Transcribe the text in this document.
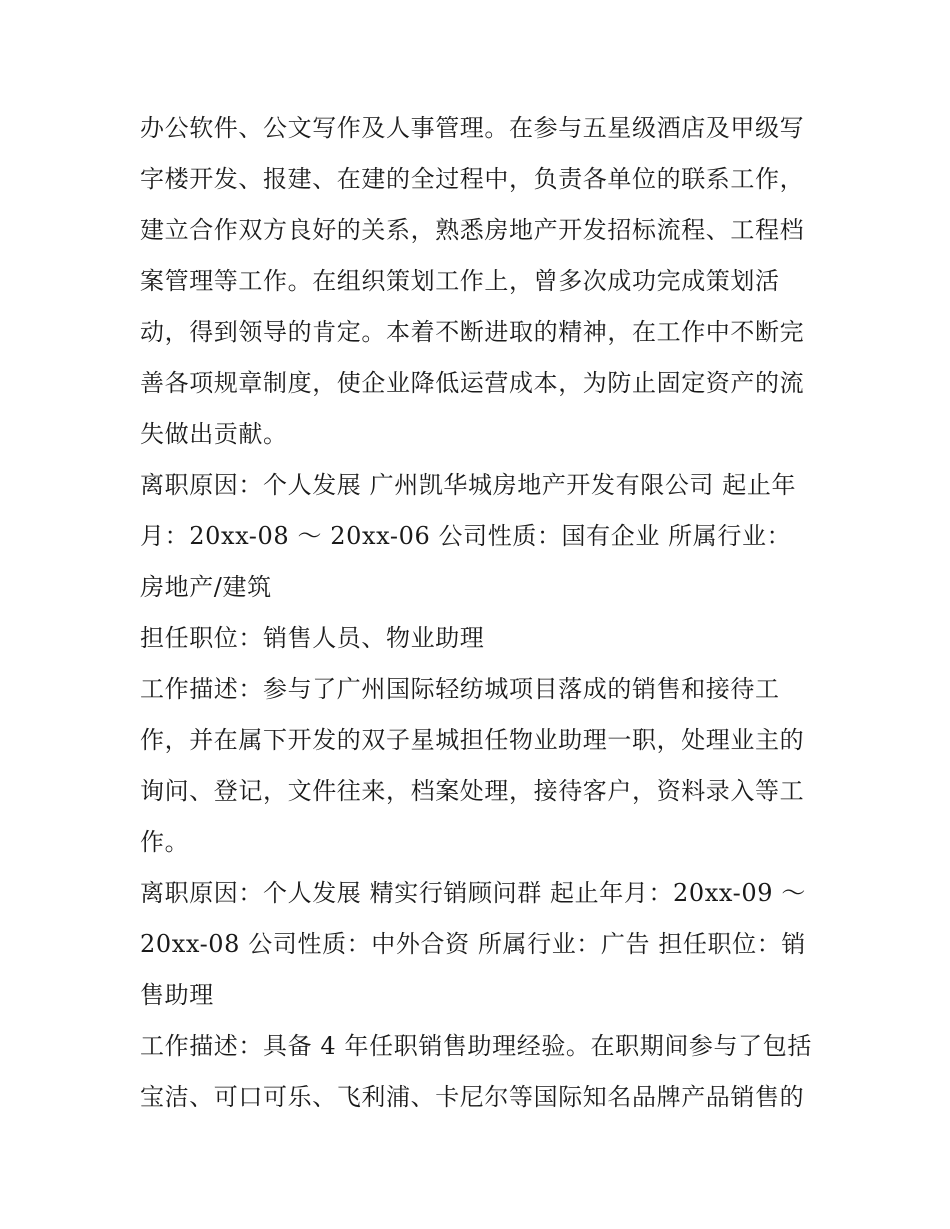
办公软件、公文写作及人事管理。在参与五星级酒店及甲级写字楼开发、报建、在建的全过程中，负责各单位的联系工作，建立合作双方良好的关系，熟悉房地产开发招标流程、工程档案管理等工作。在组织策划工作上，曾多次成功完成策划活动，得到领导的肯定。本着不断进取的精神，在工作中不断完善各项规章制度，使企业降低运营成本，为防止固定资产的流失做出贡献。

离职原因：个人发展 广州凯华城房地产开发有限公司 起止年月：20xx-08 ～ 20xx-06 公司性质：国有企业 所属行业：房地产/建筑

担任职位：销售人员、物业助理

工作描述：参与了广州国际轻纺城项目落成的销售和接待工作，并在属下开发的双子星城担任物业助理一职，处理业主的询问、登记，文件往来，档案处理，接待客户，资料录入等工作。

离职原因：个人发展 精实行销顾问群 起止年月：20xx-09 ～ 20xx-08 公司性质：中外合资 所属行业：广告 担任职位：销售助理

工作描述：具备 4 年任职销售助理经验。在职期间参与了包括宝洁、可口可乐、飞利浦、卡尼尔等国际知名品牌产品销售的
